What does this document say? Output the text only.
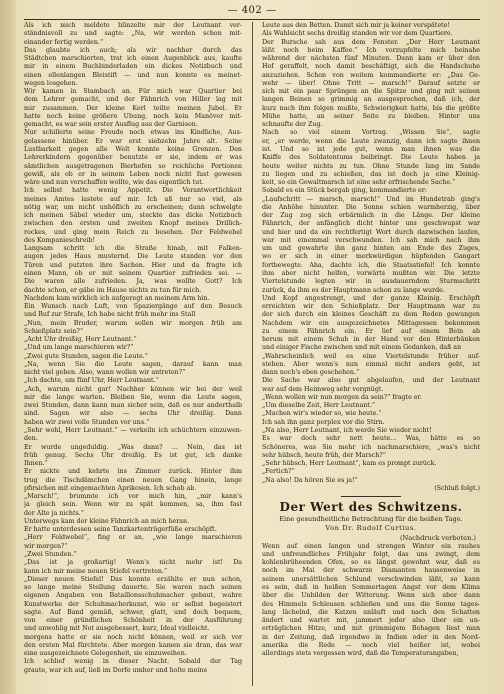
— 402 —

Als ich mich meldete blinzelte mir der Leutnant ver-

ständnisvoll zu und sagte: „Na, wir werden schon mit-

einander fertig werden.“

Das glaubte ich auch; als wir nachher durch das

Städtchen marschierten, trat ich einen Augenblick aus, kaufte

mir in einem Buchbinderladen ein dickes Notizbuch und

einen ellenlangen Bleistift — und nun konnte es meinet-

wegen losgehen.

Wir kamen in Stambach an. Für mich war Quartier bei

dem Lehrer gemacht, und der Fähnrich von Hiller lag mit

mir zusammen. Der kleine Kerl teilte meinen Jubel. Er

hatte noch keine größere Übung, noch kein Manöver mit-

gemacht, es war sein erster Ausflug aus der Garnison.

Nur schillerte seine Freude noch etwas ins Kindliche, Aus-

gelassene hinüber. Er war erst siebzehn Jahre alt. Seine

Lustbarkeit gegen alle Welt konnte keine Grenzen. Den

Lehrerkindern gegenüber benutzte er sie, indem er was

sämtlichen ausgetragenen Bierhefen so reichliche Portionen

gewiß, als ob er in seinem Leben noch nicht fast gewesen

wäre und nun verschaffen wollte, wie das eigentlich tut.

Ich selbst hatte wenig Appetit. Die Verantwortlichkeit

meines Amtes lastete auf mir. Ich aß nur so viel, als

nötig war, um nicht unhöflich zu erscheinen; dann schwelgte

ich meinen Säbel wieder um, steckte das dicke Notizbuch

zwischen den ersten und zweiten Knopf meines Drillich-

rockes, und ging mein Reich zu besehen. Der Feldwebel

des Kompanieschreib!

Langsam schritt ich die Straße hinab, mit Falken-

augen jedes Haus musternd. Die Leute standen vor den

Türen und putzten ihre Sachen. Hier und da fragte ich

einen Mann, ob er mit seinem Quartier zufrieden sei. —

Die waren alle zufrieden. Ja, was wollte Gott? Ich

dachte schon, er gäbe im Hause nichts zu tun für mich.

Nachdem kam wirklich ich aufgeregt an meinem Arm hin.

Ein Wunsch nach Luft, von Spaziergänge auf den Besuch

und Ruf zur Strafe, Ich habe nicht früh mehr ins Stall

„Nun, mein Bruder, warum sollen wir morgen früh am

Schießplatz sein?“

„Acht Uhr dreißig, Herr Leutnant.“

„Und um lange marschieren wir?“

„Zwei gute Stunden, sagen die Leute.“

„Na, wenn Sie die Leute sagen, darauf kann man

nicht viel geben. Also, wann wollen wir antreten?“

„Ich dachte, um fünf Uhr, Herr Leutnant.“

„Ach, warum nicht gar! Nachher können wir bei der weil

mir die lange warten. Bleiben Sie, wenn die Leute sagen,

zwei Stunden, dann kann man sicher sein, daß es nur anderthalb

sind. Sagen wir also — sechs Uhr dreißig. Dann

haben wir zwei volle Stunden vor uns.“

„Sehr wohl, Herr Leutnant.“ — verkeiln ich schüchtern einzuwen-

den.

Er wurde ungeduldig. „Was dann? ... Nein, das ist

früh genug. Sechs Uhr dreißig. Es ist gut, ich danke

Ihnen.“

Er nickte und kehrte ins Zimmer zurück. Hinter ihm

trug die Tischdämchen einen neuen Gang hinein, lange

pfirsichen mit eingemachten Aprikosen. Ich schob ab.

„Marsch!“, brummte ich vor mich hin, „mir kann's

ja gleich sein. Wenn wir zu spät kommen, sa, ihm fast

der Alte ja nichts.“

Unterwegs kam der kleine Fähnrich an mich heran.

Er hatte unterdessen seine Tanzkartenträgerfüße erschöpft.

„Herr Feldwebel“, fing er an, „wie lange marschieren

wir morgen?“

„Zwei Stunden.“

„Das ist ja großartig! Wenn's nicht mehr ist! Da

kann ich mir meine neuen Stiefel vertreten.“

„Dieser neuen Stiefel! Das konnte erzählte er nun schon,

so lange meine Stellung dauerte. Sie waren nach seinen

eigenen Angaben von Bataillonsschuhmacher gebaut, wahre

Kunstwerke der Schuhmacherkunst, wie er selbst begeistert

sagte. Auf Band gemäß, schwer, glatt, und doch bequem,

von einer gründlichen Schönheit in der Ausführung

und unwohlig mit Not ausgebessert, kurz, Ideal vielleicht.

morgens hatte er sie noch nicht können, weil er sich vor

den ersten Mal fürchtete. Aber morgen kamen sie dran, das war

eine ausgezeichnete Gelegenheit, sie einzuweihen.

Ich schlief wenig in dieser Nacht. Sobald der Tag

graute, war ich auf, ließ im Dorfe umher und holte meine

Leute aus den Betten. Damit sich mir ja keiner verspätete!

Als Wahlsicht sechs dreißig standen wir vor dem Quartiere.

Der Bursche sah aus dem Fenster. „Der Herr Leutnant

läßt noch beim Kaffee.“ Ich verzupfelte mich beinahe

während der nächsten fünf Minuten. Dann kam er über den

Hof geraffelt, noch damit beschäftigt, sich die Handschuhe

anzuziehen. Schon von weitem kommandierte er: „Das Ge-

wehr — über! Ohne Tritt — marsch!“ Darauf setzte er

sich mit ein paar Sprüngen an die Spitze und ging mit seinen

langen Beinen so grimmig an ausgesprochen, daß ich, der

kurz nach ihm folgen mußte, Schwierigkeit hatte, bis die größte

Mühe hatte, an seiner Seite zu bleiben. Hinter uns

schnaufte der Zug.

Nach so viel einem Vortrag. „Wissen Sie“, sagte

er, „er werde, wenn die Leute zwanzig, dann ich sagte ihnen

ist. Und so ist jede gut, wenn man ihnen was die

Kniffe des Soldatentums beibringt. Die Leute haben ja

heute weiter nichts zu tun. Ohne Stunde lang im Sande

zu liegen und zu schießen, das ist doch ja eine Kleinig-

keit, so ein Gewaltmarsch ist eine sehr erfrischende Sache.“

Sobald es ein Stück bergab ging, kommandierte er:

„Laufschritt — marsch, marsch!“ Und im Hundetrab ging's

die Anhöhe hinunter. Die Sonne schien warmherzig, über

der Zug zog sich erbärmlich in die Länge. Der kleine

Fähnrich, der anfänglich dicht hinter uns geschwupst war

und hier und da ein rechtfertigt Wort durch dazwischen laufen,

war mit einemmal verschwunden. Ich sah mich nach ihm

um und gewahrte ihn ganz hinten am Ende des Zuges,

wo er sich in einer merkwürdigen hüpfenden Gangart

fortbewegte. Aha, dachte ich, die Staatsstiefel! Ich konnte

ihm aber nicht helfen, vorwärts mußten wir. Die letzte

Viertelstunde legten wir in ausdauerndem Sturmschritt

zurück, da ihm es der Hauptmann schon zu lange wurde.

Und Kopf angestrengt, und der ganze Kleinig. Erschöpft

erreichten wir den Schießplatz. Der Hauptmann war zu

der sich durch ein kleines Geschäft zu dem Reden gewungen

Nachdem wir ein ausgezeichnetes Mittagessen bekommen

zu einem Fähnrich ein. Er lief auf einem Bein ab

herum mit einem Schuh in der Hand vor den Hinterbänken

und einiger Fische zwischen und mit einem Gedanken, daß an

„Wahrscheinlich weil es eine Viertelstunde früher auf-

stehen. Aber wenn's nun einmal nicht anders geht, ist

dann noch's eben geschehen.“

Die Sache war also gut abgelaufen, und der Leutnant

war auf dem Heimweg sehr vergnügt.

„Wenn wollen wir nun morgen da sein?“ fragte er.

„Um dieselbe Zeit, Herr Leutnant.“

„Machen wir's wieder so, wie heute.“

Ich sah ihn ganz perplex vor die Stirn.

„Na also, Herr Leutnant, ich werde Sie wieder nicht!

Es war doch sehr nett heute... Was, hätte es so

Schöneres, was Sie mehr ich nachmarschiere, „was's nicht

sehr hübsch, heute früh, der Marsch?“

„Sehr hübsch, Herr Leutnant“, kam es prompt zurück.

„Fertich?“

„Na also! Da hören Sie es ja!“

(Schluß folgt.)

Der Wert des Schwitzens.
Eine gesundheitliche Betrachtung für die heißen Tage.
Von Dr. Rudolf Curtius.
(Nachdruck verboten.)

Wenn auf einen langen und strengen Winter ein rauhes

und unfreundliches Frühjahr folgt, das uns zwingt, dem

kohlenbrüheenden Ofen, so es längst gewohnt war, daß es

noch im Mai der schwarze Diamanten hausenweise in

seinem unersättlichen Schlund verschwinden läßt, so kann

es sein, daß in heißen Sommertagen Angst vor dem Klima

über die Unbilden der Witterung. Wenn sich aber dann

des Himmels Schleusen schließen und uns die Sonne tages-

lang lächelnd, die Katzen anläuft und nach den Schatten

ändert und wartet mit, jammert jeder also über ein un-

erträglichen Hitze, und mit grimmigem Behagen liest man

in der Zeitung, daß irgendwo in Indien oder in den Nord-

amerika die Rede — noch viel heißer ist, wobei

allerdings stets vergessen wird, daß die Temperaturangaben,
